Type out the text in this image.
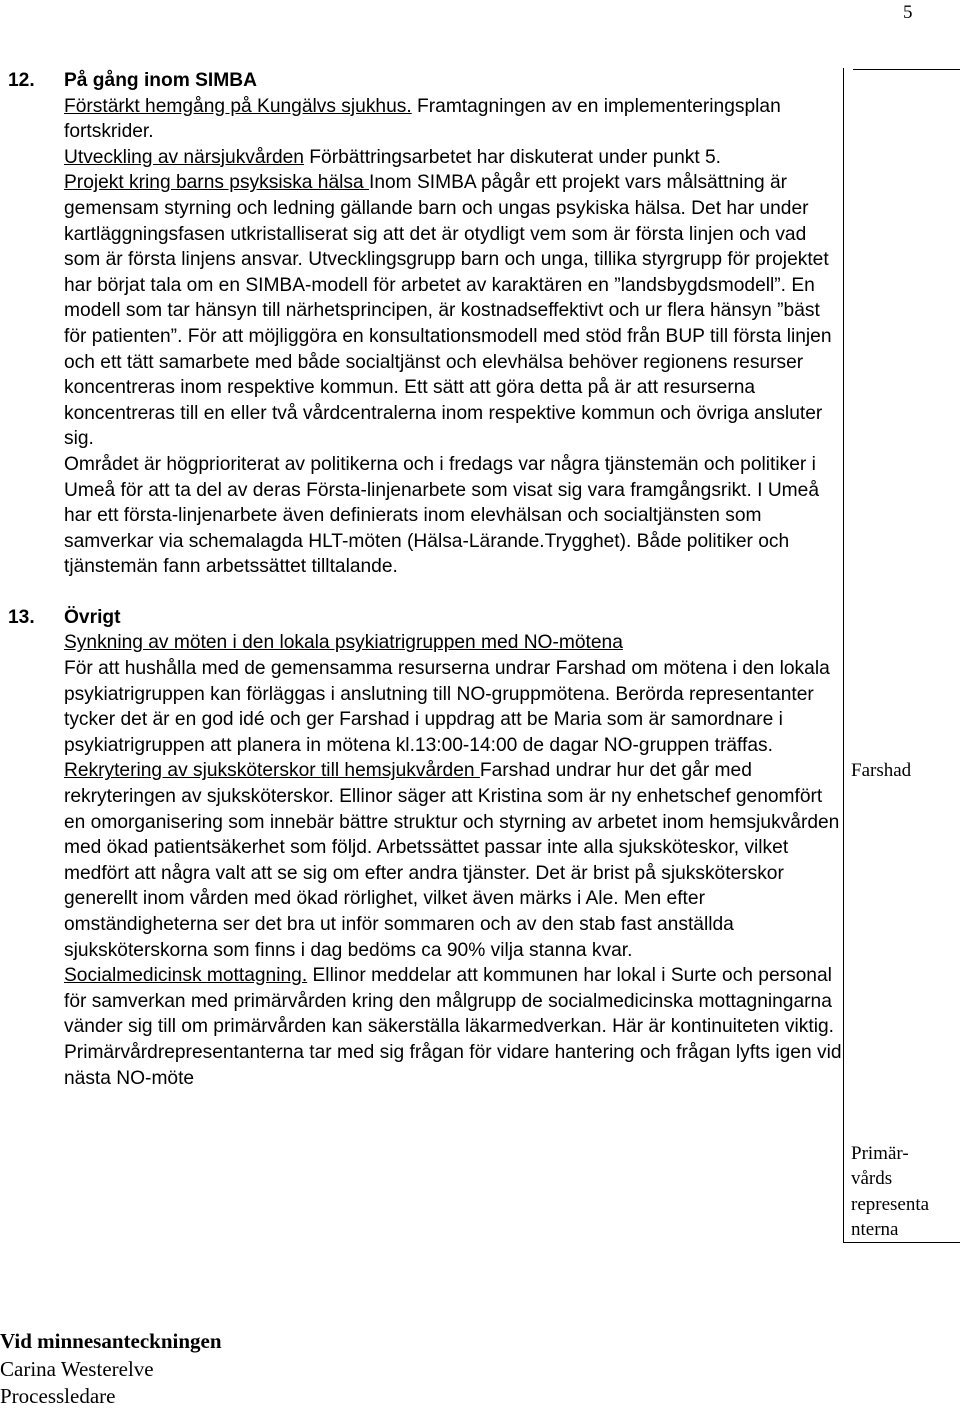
5
12. På gång inom SIMBA

Förstärkt hemgång på Kungälvs sjukhus. Framtagningen av en implementeringsplan fortskrider.

Utveckling av närsjukvården Förbättringsarbetet har diskuterat under punkt 5.

Projekt kring barns psyksiska hälsa Inom SIMBA pågår ett projekt vars målsättning är gemensam styrning och ledning gällande barn och ungas psykiska hälsa. Det har under kartläggningsfasen utkristalliserat sig att det är otydligt vem som är första linjen och vad som är första linjens ansvar. Utvecklingsgrupp barn och unga, tillika styrgrupp för projektet har börjat tala om en SIMBA-modell för arbetet av karaktären en ”landsbygdsmodell”. En modell som tar hänsyn till närhetsprincipen, är kostnadseffektivt och ur flera hänsyn ”bäst för patienten”. För att möjliggöra en konsultationsmodell med stöd från BUP till första linjen och ett tätt samarbete med både socialtjänst och elevhälsa behöver regionens resurser koncentreras inom respektive kommun. Ett sätt att göra detta på är att resurserna koncentreras till en eller två vårdcentralerna inom respektive kommun och övriga ansluter sig.

Området är högprioriterat av politikerna och i fredags var några tjänstemän och politiker i Umeå för att ta del av deras Första-linjenarbete som visat sig vara framgångsrikt. I Umeå har ett första-linjenarbete även definierats inom elevhälsan och socialtjänsten som samverkar via schemalagda HLT-möten (Hälsa-Lärande.Trygghet). Både politiker och tjänstemän fann arbetssättet tilltalande.

13. Övrigt

Synkning av möten i den lokala psykiatrigruppen med NO-mötena

För att hushålla med de gemensamma resurserna undrar Farshad om mötena i den lokala psykiatrigruppen kan förläggas i anslutning till NO-gruppmötena. Berörda representanter tycker det är en god idé och ger Farshad i uppdrag att be Maria som är samordnare i psykiatrigruppen att planera in mötena kl.13:00-14:00 de dagar NO-gruppen träffas.

Rekrytering av sjuksköterskor till hemsjukvården Farshad undrar hur det går med rekryteringen av sjuksköterskor. Ellinor säger att Kristina som är ny enhetschef genomfört en omorganisering som innebär bättre struktur och styrning av arbetet inom hemsjukvården med ökad patientsäkerhet som följd. Arbetssättet passar inte alla sjuksköteskor, vilket medfört att några valt att se sig om efter andra tjänster. Det är brist på sjuksköterskor generellt inom vården med ökad rörlighet, vilket även märks i Ale. Men efter omständigheterna ser det bra ut inför sommaren och av den stab fast anställda sjuksköterskorna som finns i dag bedöms ca 90% vilja stanna kvar.

Socialmedicinsk mottagning. Ellinor meddelar att kommunen har lokal i Surte och personal för samverkan med primärvården kring den målgrupp de socialmedicinska mottagningarna vänder sig till om primärvården kan säkerställa läkarmedverkan. Här är kontinuiteten viktig.

Primärvårdrepresentanterna tar med sig frågan för vidare hantering och frågan lyfts igen vid nästa NO-möte

Farshad
Primär-
vårds
representa
nterna
Vid minnesanteckningen
Carina Westerelve
Processledare
